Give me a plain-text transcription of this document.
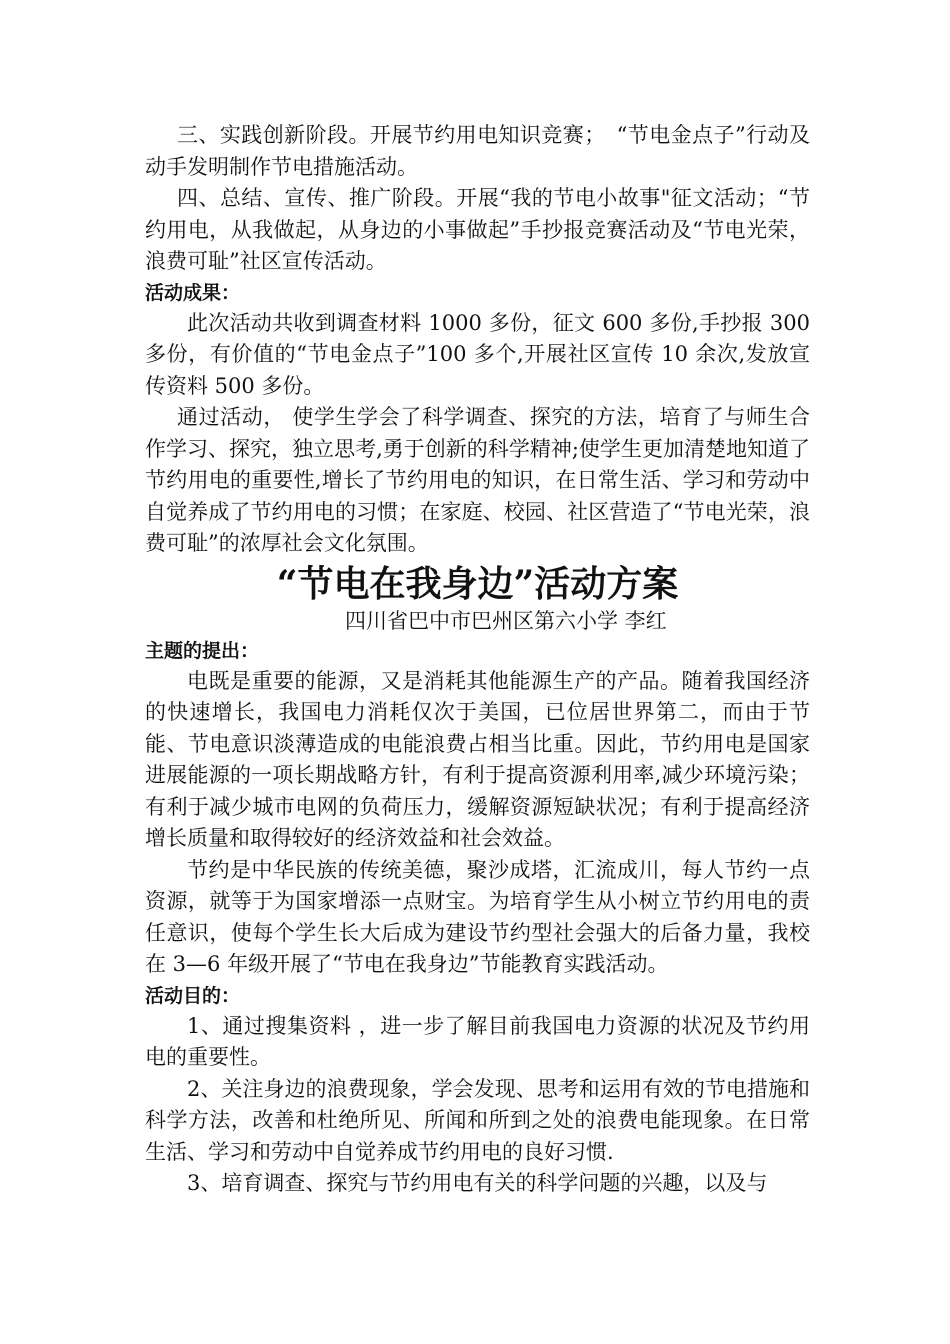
三、实践创新阶段。开展节约用电知识竞赛；　“节电金点子”行动及动手发明制作节电措施活动。

四、总结、宣传、推广阶段。开展“我的节电小故事"征文活动；“节约用电，从我做起，从身边的小事做起”手抄报竞赛活动及“节电光荣，浪费可耻”社区宣传活动。

活动成果：

此次活动共收到调查材料 1000 多份，征文 600 多份,手抄报 300 多份，有价值的“节电金点子”100 多个,开展社区宣传 10 余次,发放宣传资料 500 多份。

通过活动， 使学生学会了科学调查、探究的方法，培育了与师生合作学习、探究，独立思考,勇于创新的科学精神;使学生更加清楚地知道了节约用电的重要性,增长了节约用电的知识，在日常生活、学习和劳动中自觉养成了节约用电的习惯；在家庭、校园、社区营造了“节电光荣，浪费可耻”的浓厚社会文化氛围。

“节电在我身边”活动方案

四川省巴中市巴州区第六小学 李红

主题的提出：

电既是重要的能源，又是消耗其他能源生产的产品。随着我国经济的快速增长，我国电力消耗仅次于美国，已位居世界第二，而由于节能、节电意识淡薄造成的电能浪费占相当比重。因此，节约用电是国家进展能源的一项长期战略方针，有利于提高资源利用率,减少环境污染；有利于减少城市电网的负荷压力，缓解资源短缺状况；有利于提高经济增长质量和取得较好的经济效益和社会效益。

节约是中华民族的传统美德，聚沙成塔，汇流成川，每人节约一点资源，就等于为国家增添一点财宝。为培育学生从小树立节约用电的责任意识，使每个学生长大后成为建设节约型社会强大的后备力量，我校在 3—6 年级开展了“节电在我身边”节能教育实践活动。

活动目的：

1、通过搜集资料 ，进一步了解目前我国电力资源的状况及节约用电的重要性。

2、关注身边的浪费现象，学会发现、思考和运用有效的节电措施和科学方法，改善和杜绝所见、所闻和所到之处的浪费电能现象。在日常生活、学习和劳动中自觉养成节约用电的良好习惯.

3、培育调查、探究与节约用电有关的科学问题的兴趣，以及与
